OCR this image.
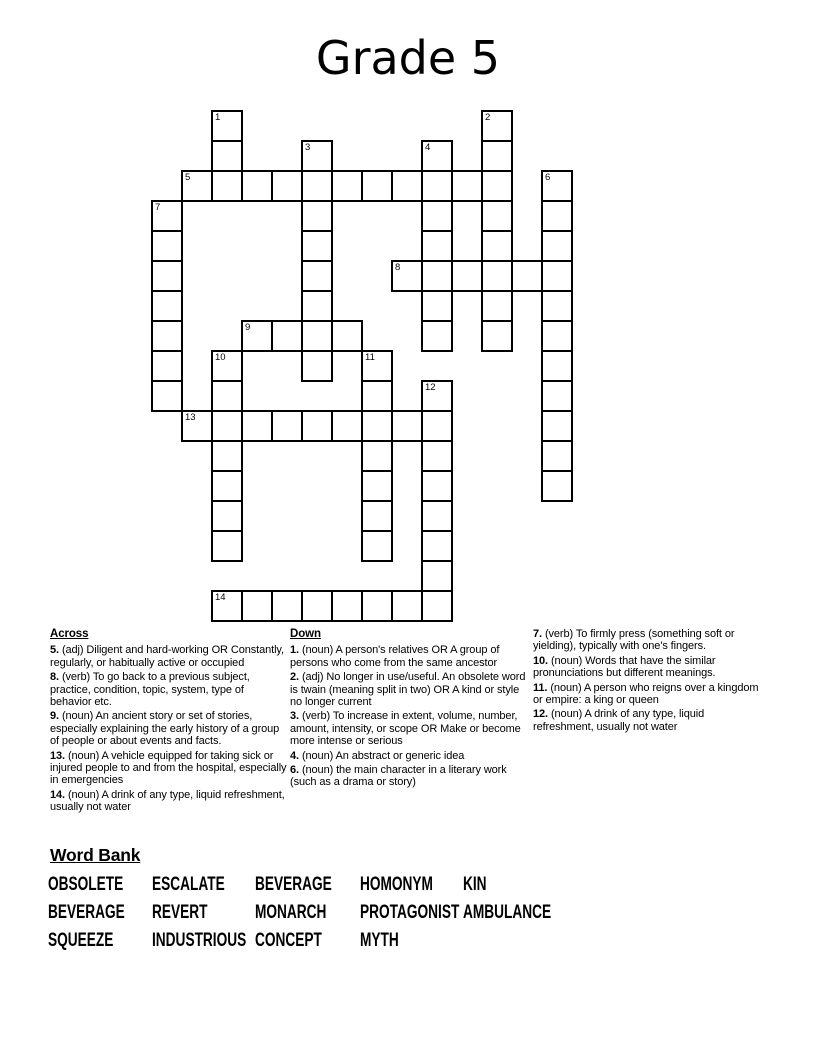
Grade 5
1	2
3	4
5	6
7
8
9
10	11
12
13
14

Across

5. (adj) Diligent and hard-working OR Constantly, regularly, or habitually active or occupied

8. (verb) To go back to a previous subject, practice, condition, topic, system, type of behavior etc.

9. (noun) An ancient story or set of stories, especially explaining the early history of a group of people or about events and facts.

13. (noun) A vehicle equipped for taking sick or injured people to and from the hospital, especially in emergencies

14. (noun) A drink of any type, liquid refreshment, usually not water

Down

1. (noun) A person's relatives OR A group of persons who come from the same ancestor

2. (adj) No longer in use/useful. An obsolete word is twain (meaning split in two) OR A kind or style no longer current

3. (verb) To increase in extent, volume, number, amount, intensity, or scope OR Make or become more intense or serious

4. (noun) An abstract or generic idea

6. (noun) the main character in a literary work (such as a drama or story)

7. (verb) To firmly press (something soft or yielding), typically with one's fingers.

10. (noun) Words that have the similar pronunciations but different meanings.

11. (noun) A person who reigns over a kingdom or empire: a king or queen

12. (noun) A drink of any type, liquid refreshment, usually not water

Word Bank
OBSOLETE ESCALATE BEVERAGE HOMONYM KIN
BEVERAGE REVERT	MONARCH PROTAGONIST AMBULANCE
SQUEEZE INDUSTRIOUS CONCEPT MYTH
